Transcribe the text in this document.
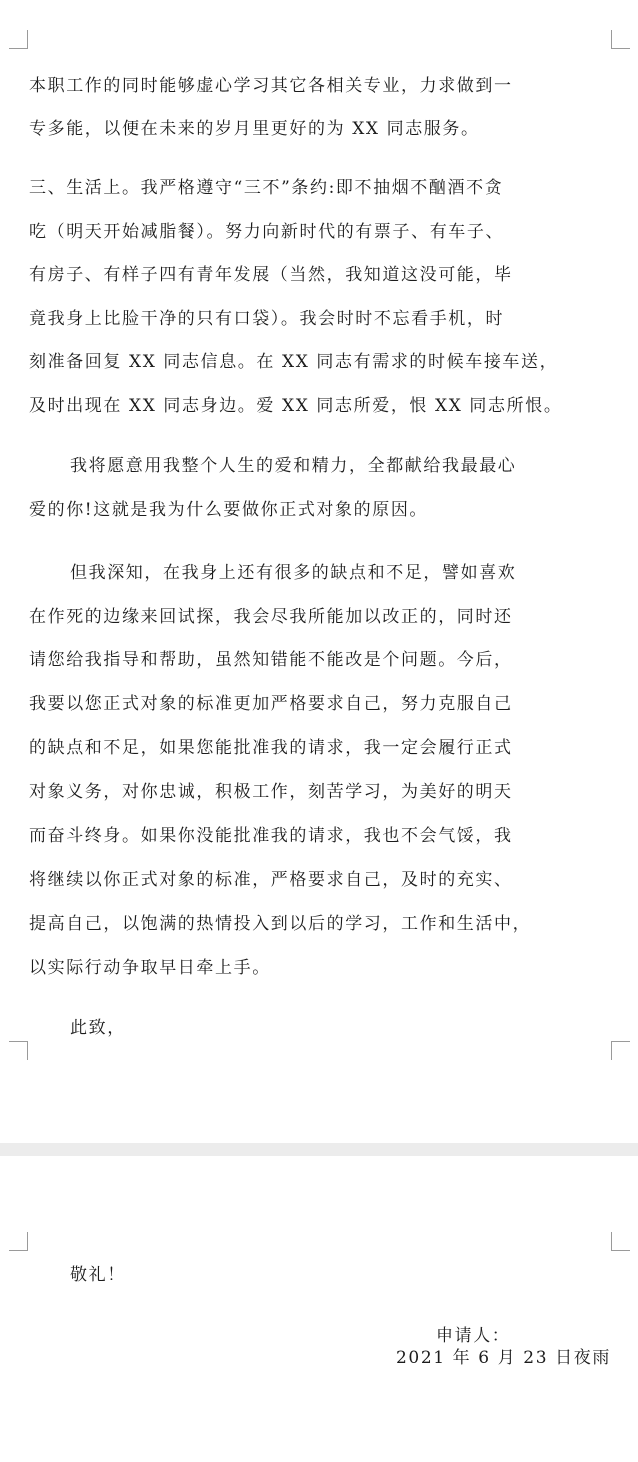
本职工作的同时能够虚心学习其它各相关专业，力求做到一
专多能，以便在未来的岁月里更好的为 XX 同志服务。
三、生活上。我严格遵守“三不”条约:即不抽烟不酗酒不贪
吃（明天开始减脂餐）。努力向新时代的有票子、有车子、
有房子、有样子四有青年发展（当然，我知道这没可能，毕
竟我身上比脸干净的只有口袋）。我会时时不忘看手机，时
刻准备回复 XX 同志信息。在 XX 同志有需求的时候车接车送，
及时出现在 XX 同志身边。爱 XX 同志所爱，恨 XX 同志所恨。
我将愿意用我整个人生的爱和精力，全都献给我最最心
爱的你!这就是我为什么要做你正式对象的原因。
但我深知，在我身上还有很多的缺点和不足，譬如喜欢
在作死的边缘来回试探，我会尽我所能加以改正的，同时还
请您给我指导和帮助，虽然知错能不能改是个问题。今后，
我要以您正式对象的标准更加严格要求自己，努力克服自己
的缺点和不足，如果您能批准我的请求，我一定会履行正式
对象义务，对你忠诚，积极工作，刻苦学习，为美好的明天
而奋斗终身。如果你没能批准我的请求，我也不会气馁，我
将继续以你正式对象的标准，严格要求自己，及时的充实、
提高自己，以饱满的热情投入到以后的学习，工作和生活中，
以实际行动争取早日牵上手。
此致，
敬礼！
申请人：
2021 年 6 月 23 日夜雨
